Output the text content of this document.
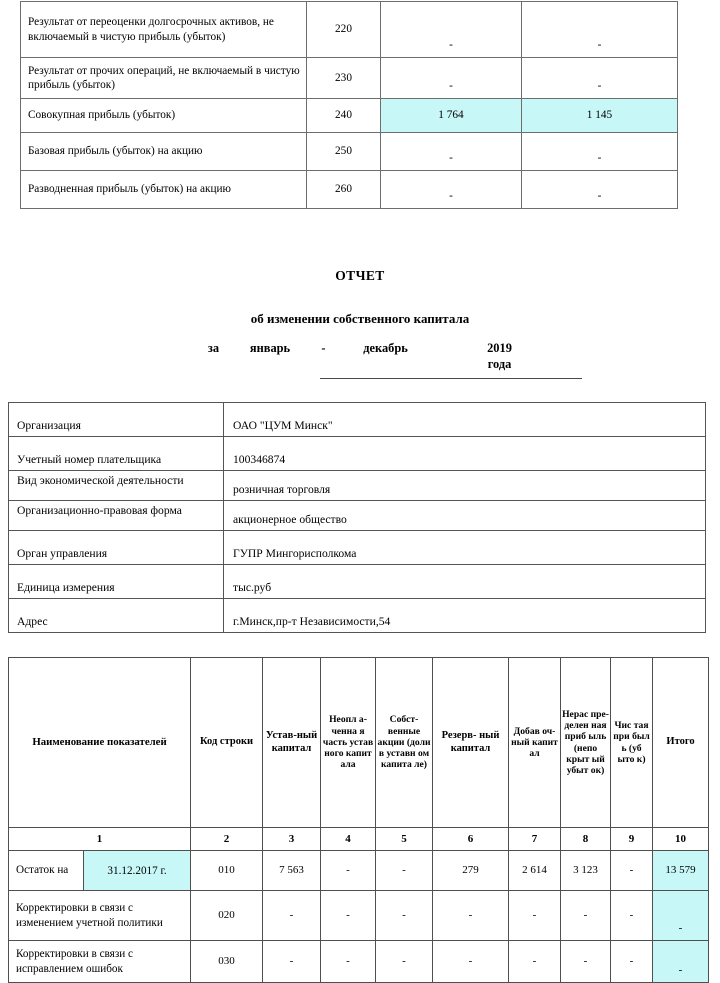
Результат от переоценки долгосрочных активов, не включаемый в чистую прибыль (убыток)	220	-	-
Результат от прочих операций, не включаемый в чистую прибыль (убыток)	230	-	-
Совокупная прибыль (убыток)	240	1 764	1 145
Базовая прибыль (убыток) на акцию	250	-	-
Разводненная прибыль (убыток) на акцию	260	-	-
ОТЧЕТ
об изменении собственного капитала
за	январь	-	декабрь	2019
года
Организация	ОАО "ЦУМ Минск"
Учетный номер плательщика	100346874
Вид экономической деятельности	розничная торговля
Организационно-правовая форма	акционерное общество
Орган управления	ГУПР Мингорисполкома
Единица измерения	тыс.руб
Адрес	г.Минск,пр-т Независимости,54
Наименование показателей		Код строки	Устав-ный капитал	Неопл а- ченна я часть устав ного капит ала	Собст- венные акции (доли в уставн ом капита ле)	Резерв- ный капитал	Добав оч- ный капит ал	Нерас пре- делен ная приб ыль (непо крыт ый убыт ок)	Чис тая при был ь (уб ыто к)	Итого
1		2	3	4	5	6	7	8	9	10
Остаток на	31.12.2017 г.	010	7 563	-	-	279	2 614	3 123	-	13 579
Корректировки в связи с изменением учетной политики		020	-	-	-	-	-	-	-	-
Корректировки в связи с исправлением ошибок		030	-	-	-	-	-	-	-	-
